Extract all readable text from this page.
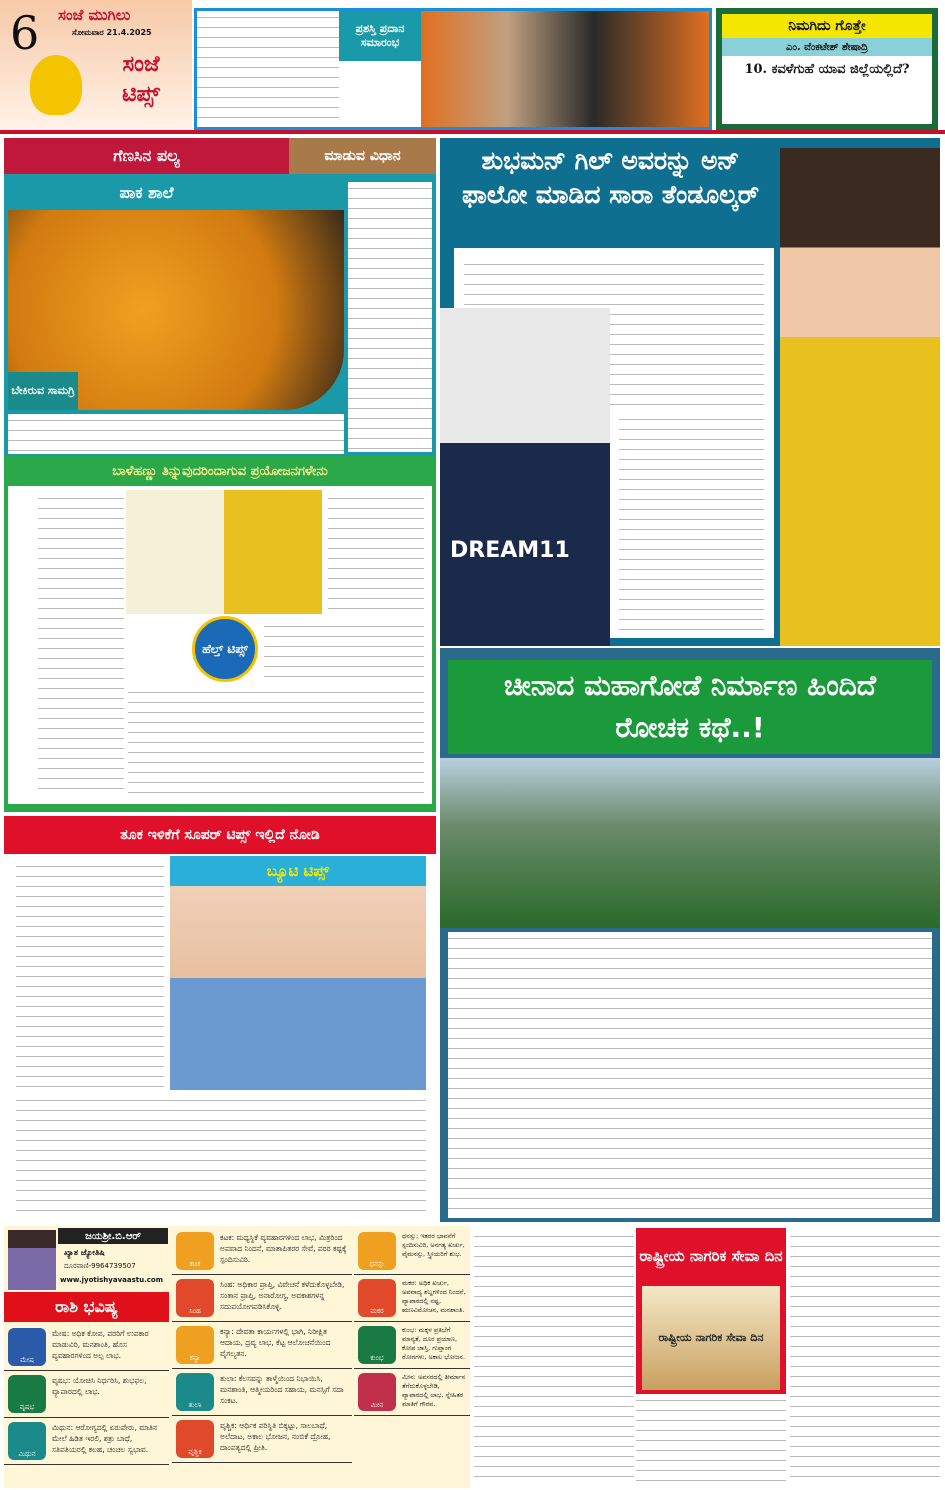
6 ಸಂಜೆ ಮುಗಿಲು
ಸೋಮವಾರ 21.4.2025
ಸಂಜೆ ಟಿಪ್ಸ್
ಪ್ರಶಸ್ತಿ ಪ್ರದಾನ ಸಮಾರಂಭ
ನಿಮಗಿದು ಗೊತ್ತೇ
ಎಂ. ವೆಂಕಟೇಶ್ ಶೇಷಾದ್ರಿ
10. ಕವಳೆಗುಹೆ ಯಾವ ಜಿಲ್ಲೆಯಲ್ಲಿದೆ?
ಗೆಣಸಿನ ಪಲ್ಯ	ಮಾಡುವ ವಿಧಾನ
ಪಾಕ ಶಾಲೆ
ಬೇಕಿರುವ ಸಾಮಗ್ರಿ
ಬಾಳೆಹಣ್ಣು ತಿನ್ನುವುದರಿಂದಾಗುವ ಪ್ರಯೋಜನಗಳೇನು
ಹೆಲ್ತ್ ಟಿಪ್ಸ್
ತೂಕ ಇಳಿಕೆಗೆ ಸೂಪರ್ ಟಿಪ್ಸ್ ಇಲ್ಲಿದೆ ನೋಡಿ
ಬ್ಯೂಟಿ ಟಿಪ್ಸ್
ಶುಭಮನ್ ಗಿಲ್ ಅವರನ್ನು ಅನ್ ಫಾಲೋ ಮಾಡಿದ ಸಾರಾ ತೆಂಡೂಲ್ಕರ್
DREAM11
ಚೀನಾದ ಮಹಾಗೋಡೆ ನಿರ್ಮಾಣ ಹಿಂದಿದೆ ರೋಚಕ ಕಥೆ..!
ಜಯಶ್ರೀ.ಬಿ.ಆರ್
ಖ್ಯಾತ ಜ್ಯೋತಿಷಿ
ದೂರವಾಣಿ-9964739507
www.jyotishyavaastu.com
ರಾಶಿ ಭವಿಷ್ಯ
ಮೇಷ
ಮೇಷ: ಅಧಿಕ ಕೋಪ, ಪರರಿಗೆ ಉಪಕಾರ ಮಾಡುವಿರಿ, ಮನಶಾಂತಿ, ಹೊಸ ವ್ಯವಹಾರಗಳಿಂದ ಅಲ್ಪ ಲಾಭ.
ವೃಷಭ
ವೃಷಭ: ಯೋಚಿಸಿ ನಿರ್ಧರಿಸಿ, ಶುಭಫಲ, ವ್ಯಾಪಾರದಲ್ಲಿ ಲಾಭ.
ಮಿಥುನ
ಮಿಥುನ: ಆರೋಗ್ಯದಲ್ಲಿ ಏರುಪೇರು, ಮಾತಿನ ಮೇಲೆ ಹಿಡಿತ ಇರಲಿ, ಶತ್ರು ಬಾಧೆ, ಸತಿಪತಿಯರಲ್ಲಿ ಕಲಹ, ಚಂಚಲ ಸ್ವಭಾವ.
ಕಟಕ
ಕಟಕ: ಮಧ್ಯಸ್ಥಿಕೆ ವ್ಯವಹಾರಗಳಿಂದ ಲಾಭ, ಮಿತ್ರರಿಂದ ಅಪವಾದ ನಿಂದನೆ, ಮಾತಾಪಿತರರ ಸೇವೆ, ಪರರ ಕಷ್ಟಕ್ಕೆ ಸ್ಪಂದಿಸುವಿರಿ.
ಸಿಂಹ
ಸಿಂಹ: ಅಧಿಕಾರ ಪ್ರಾಪ್ತಿ, ವಿವೇಚನೆ ಕಳೆದುಕೊಳ್ಳಬೇಡಿ, ಸಂತಾನ ಪ್ರಾಪ್ತಿ, ಅನಾರೋಗ್ಯ, ಅವಕಾಶಗಳನ್ನ ಸದುಪಯೋಗಪಡಿಸಿಕೊಳ್ಳಿ.
ಕನ್ಯಾ
ಕನ್ಯಾ: ದೇವತಾ ಕಾರ್ಯಗಳಲ್ಲಿ ಭಾಗಿ, ನಿರೀಕ್ಷಿತ ಆದಾಯ, ದ್ರವ್ಯ ಲಾಭ, ಕೆಟ್ಟ ಆಲೋಚನೆಯಿಂದ ವೈಗಲ್ಯತನ.
ತುಲಾ
ತುಲಾ: ಕೆಲಸವನ್ನು ತಾಳ್ಮೆಯಿಂದ ನಿಭಾಯಿಸಿ, ಮನಶಾಂತಿ, ಆತ್ಮೀಯರಿಂದ ಸಹಾಯ, ಮನಸ್ಸಿಗೆ ಸದಾ ಸಂಕಟ.
ವೃಶ್ಚಿಕ
ವೃಶ್ಚಿಕ: ಆರ್ಥಿಕ ಪರಿಸ್ಥಿತಿ ಬಿಕ್ಕಟ್ಟು, ಸಾಲಬಾಧೆ, ಅಲೆದಾಟ, ಅಕಾಲ ಭೋಜನ, ನಂಬಿಕೆ ದ್ರೋಹ, ದಾಂಪತ್ಯದಲ್ಲಿ ಪ್ರೀತಿ.
ಧನಸ್ಸು
ಧನಸ್ಸು: ಇತರರ ಭಾವನೆಗೆ ಸ್ಪಂದಿಸುವಿರಿ, ಅನಗತ್ಯ ಖರ್ಚು, ವೈಮನಸ್ಸು, ಸ್ತ್ರೀಯರಿಗೆ ಶುಭ.
ಮಕರ
ಮಕರ: ಅಧಿಕ ಖರ್ಚು, ಅಪವಾದ್ಯ ಶಬ್ದಗಳಿಂದ ನಿಂದನೆ, ವ್ಯಾಪಾರದಲ್ಲಿ ನಷ್ಟ, ಋಣವಿಮೋಚನ, ಮನಶಾಂತಿ.
ಕುಂಭ
ಕುಂಭ: ಮಕ್ಕಳ ಪ್ರತಿಭೆಗೆ ಮಾನ್ಯತೆ, ದೂರ ಪ್ರಯಾಣ, ಕೋಪ ಜಾಸ್ತಿ, ಗುಪ್ತಾಂಗ ರೋಗಗಳು, ಅಕಾಲ ಭೋಜನ.
ಮೀನ
ಮೀನ: ಅವಸರದಲ್ಲಿ ತೀರ್ಮಾನ ತೆಗೆದುಕೊಳ್ಳಬೇಡಿ, ವ್ಯಾಪಾರದಲ್ಲಿ ಲಾಭ, ಸ್ನೇಹಿತರ ಮಾತಿಗೆ ಗೌರವ.
ರಾಷ್ಟ್ರೀಯ ನಾಗರಿಕ ಸೇವಾ ದಿನ
ರಾಷ್ಟ್ರೀಯ ನಾಗರಿಕ ಸೇವಾ ದಿನ
